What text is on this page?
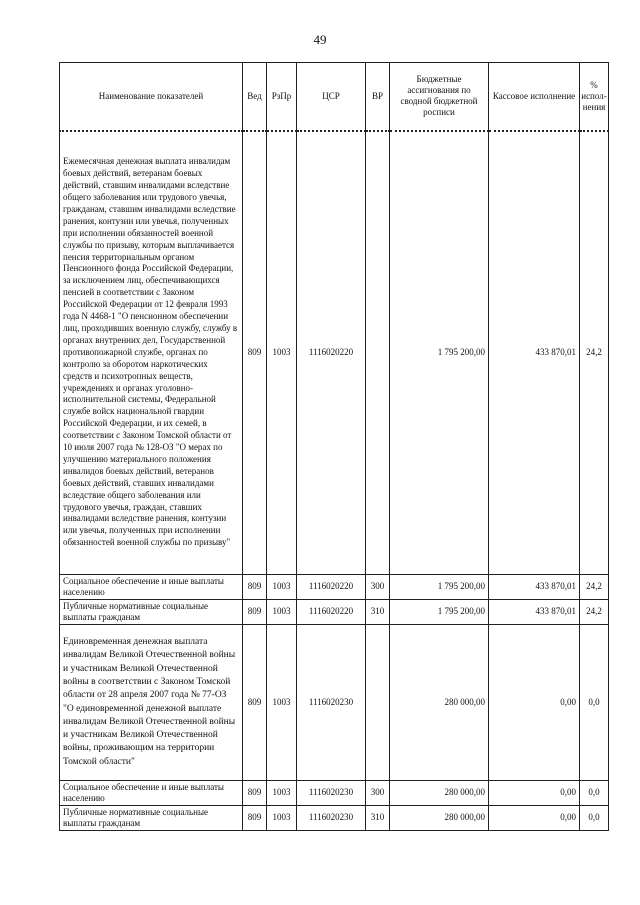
49
Наименование показателей	Вед	РзПр	ЦСР	ВР	Бюджетные ассигнования по сводной бюджетной росписи	Кассовое исполнение	% испол-нения
Ежемесячная денежная выплата инвалидам боевых действий, ветеранам боевых действий, ставшим инвалидами вследствие общего заболевания или трудового увечья, гражданам, ставшим инвалидами вследствие ранения, контузии или увечья, полученных при исполнении обязанностей военной службы по призыву, которым выплачивается пенсия территориальным органом Пенсионного фонда Российской Федерации, за исключением лиц, обеспечивающихся пенсией в соответствии с Законом Российской Федерации от 12 февраля 1993 года N 4468-1 "О пенсионном обеспечении лиц, проходивших военную службу, службу в органах внутренних дел, Государственной противопожарной службе, органах по контролю за оборотом наркотических средств и психотропных веществ, учреждениях и органах уголовно-исполнительной системы, Федеральной службе войск национальной гвардии Российской Федерации, и их семей, в соответствии с Законом Томской области от 10 июля 2007 года № 128-ОЗ "О мерах по улучшению материального положения инвалидов боевых действий, ветеранов боевых действий, ставших инвалидами вследствие общего заболевания или трудового увечья, граждан, ставших инвалидами вследствие ранения, контузии или увечья, полученных при исполнении обязанностей военной службы по призыву"	809	1003	1116020220		1 795 200,00	433 870,01	24,2
Социальное обеспечение и иные выплаты населению	809	1003	1116020220	300	1 795 200,00	433 870,01	24,2
Публичные нормативные социальные выплаты гражданам	809	1003	1116020220	310	1 795 200,00	433 870,01	24,2
Единовременная денежная выплата инвалидам Великой Отечественной войны и участникам Великой Отечественной войны в соответствии с Законом Томской области от 28 апреля 2007 года № 77-ОЗ "О единовременной денежной выплате инвалидам Великой Отечественной войны и участникам Великой Отечественной войны, проживающим на территории Томской области"	809	1003	1116020230		280 000,00	0,00	0,0
Социальное обеспечение и иные выплаты населению	809	1003	1116020230	300	280 000,00	0,00	0,0
Публичные нормативные социальные выплаты гражданам	809	1003	1116020230	310	280 000,00	0,00	0,0
